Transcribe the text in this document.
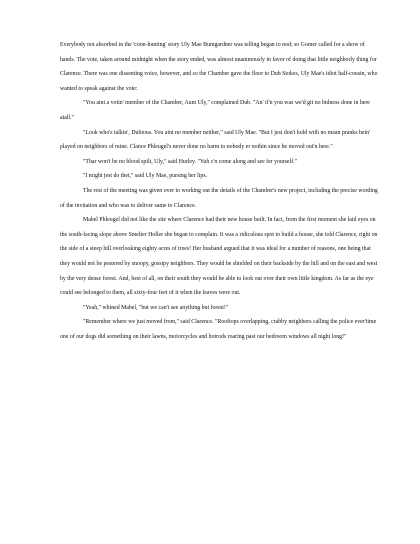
Everybody not absorbed in the 'coon-hunting' story Uly Mae Bumgardner was telling began to nod; so Gomer called for a show of hands. The vote, taken around midnight when the story ended, was almost unanimously in favor of doing that little neighborly thing for Clarence. There was one dissenting voice, however, and so the Chamber gave the floor to Dub Stokes, Uly Mae's idiot half-cousin, who wanted to speak against the vote:

"You aint a votin' member of the Chamber, Aunt Uly," complained Dub. "An' if'n you was we'd git no bidness done in here atall."

"Look who's talkin', Dubious. You aint no member neither," said Uly Mae. "But I jest don't hold with no mean pranks bein' played on neighbors of mine. Clance Phleugel's never done no harm to nobody er nothin since he moved out'n here."

"Thar won't be no blood spilt, Uly," said Hurley. "Yuh c'n come along and see fer yourself."

"I might jest do thet," said Uly Mae, pursing her lips.

The rest of the meeting was given over to working out the details of the Chamber's new project, including the precise wording of the invitation and who was to deliver same to Clarence.

Mabel Phleugel did not like the site where Clarence had their new house built. In fact, from the first moment she laid eyes on the south-facing slope above Smelter Holler she began to complain. It was a ridiculous spot to build a house, she told Clarence, right on the side of a steep hill overlooking eighty acres of trees! Her husband argued that it was ideal for a number of reasons, one being that they would not be pestered by snoopy, gossipy neighbors. They would be shielded on their backside by the hill and on the east and west by the very dense forest. And, best of all, on their south they would be able to look out over their own little kingdom. As far as the eye could see belonged to them, all sixty-four feet of it when the leaves were out.

"Yeah," whined Mabel, "but we can't see anything but forest!"

"Remember where we just moved from," said Clarence. "Rooftops overlapping, crabby neighbors calling the police ever'time one of our dogs did something on their lawns, motorcycles and hotrods roaring past our bedroom windows all night long!"
